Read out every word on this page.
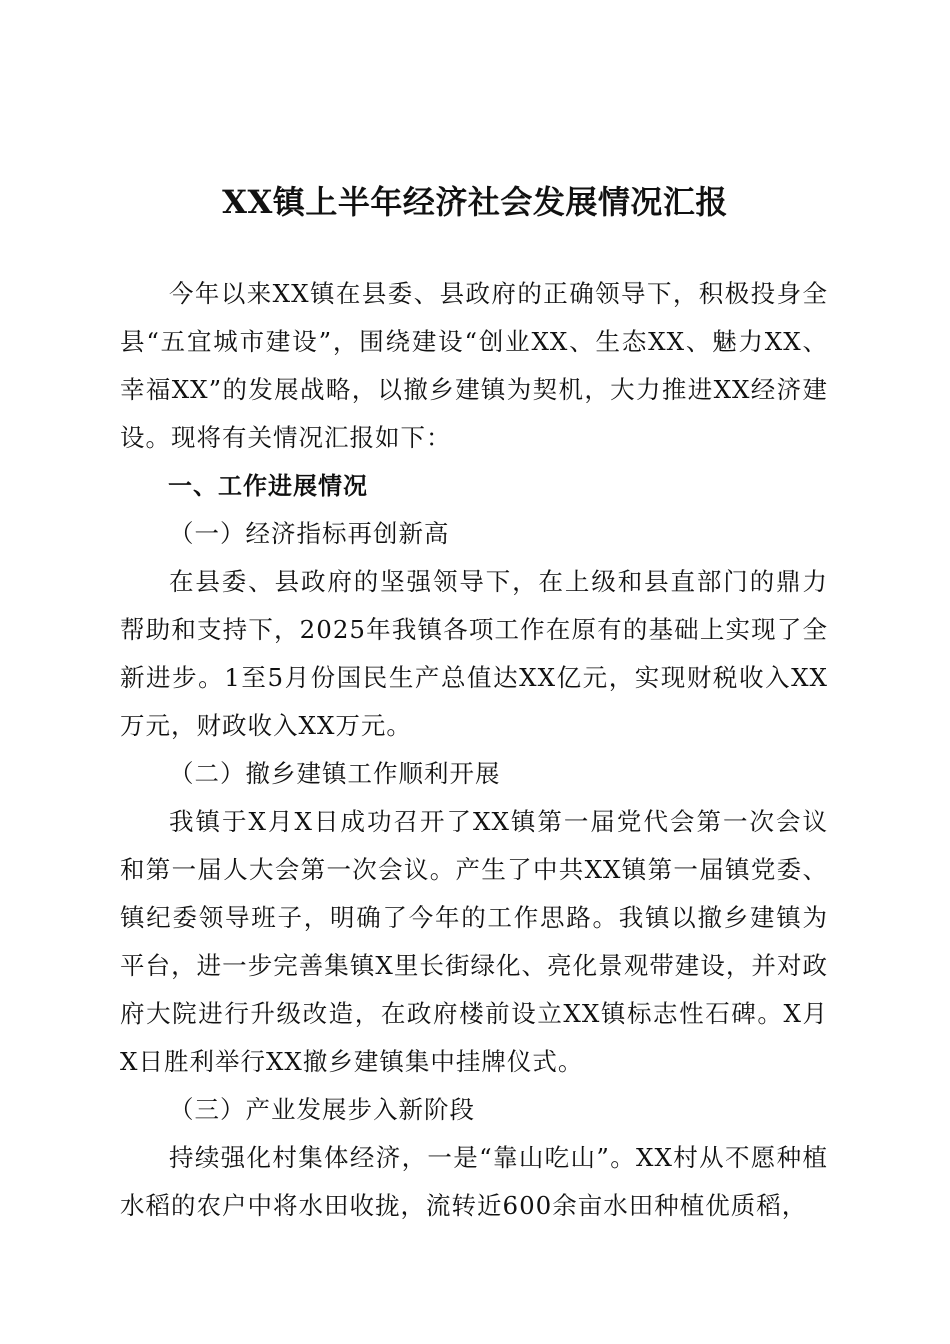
XX镇上半年经济社会发展情况汇报

今年以来XX镇在县委、县政府的正确领导下，积极投身全县“五宜城市建设”，围绕建设“创业XX、生态XX、魅力XX、幸福XX”的发展战略，以撤乡建镇为契机，大力推进XX经济建设。现将有关情况汇报如下：

一、工作进展情况
（一）经济指标再创新高

在县委、县政府的坚强领导下，在上级和县直部门的鼎力帮助和支持下，2025年我镇各项工作在原有的基础上实现了全新进步。1至5月份国民生产总值达XX亿元，实现财税收入XX万元，财政收入XX万元。

（二）撤乡建镇工作顺利开展

我镇于X月X日成功召开了XX镇第一届党代会第一次会议和第一届人大会第一次会议。产生了中共XX镇第一届镇党委、镇纪委领导班子，明确了今年的工作思路。我镇以撤乡建镇为平台，进一步完善集镇X里长街绿化、亮化景观带建设，并对政府大院进行升级改造，在政府楼前设立XX镇标志性石碑。X月X日胜利举行XX撤乡建镇集中挂牌仪式。

（三）产业发展步入新阶段

持续强化村集体经济，一是“靠山吃山”。XX村从不愿种植水稻的农户中将水田收拢，流转近600余亩水田种植优质稻，
